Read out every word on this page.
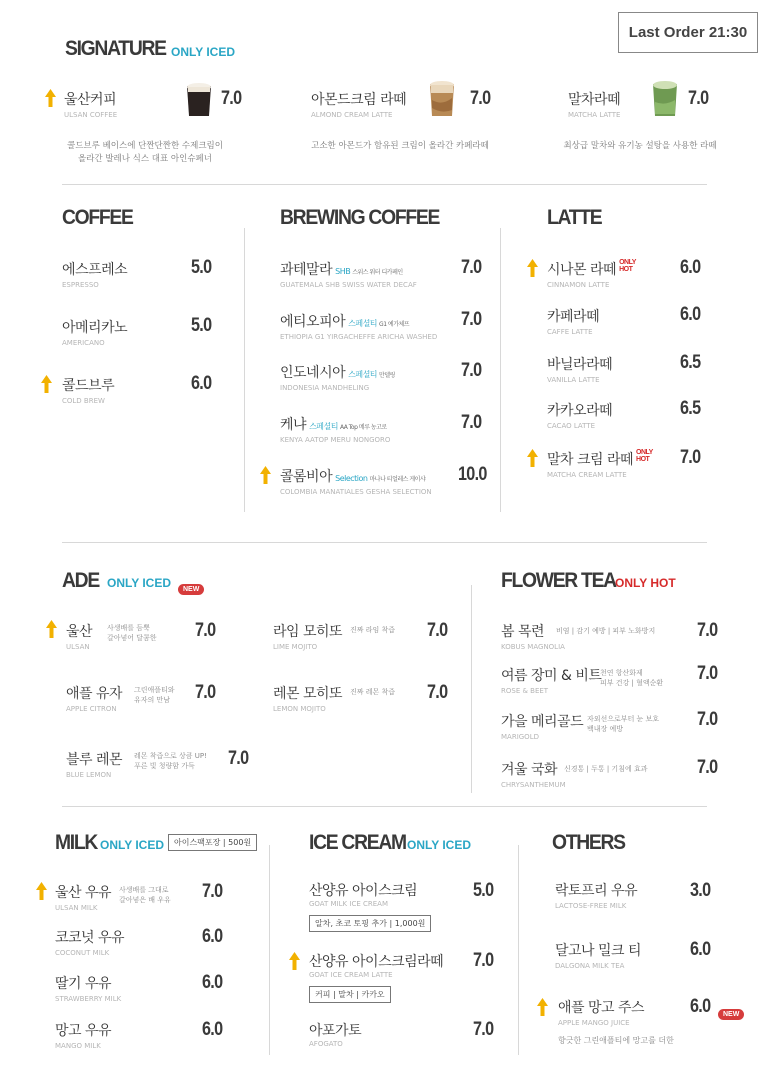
Last Order 21:30
SIGNATURE ONLY ICED
울산커피
ULSAN COFFEE
7.0
콜드브루 베이스에 단짠단짠한 수제크림이
올라간 발레나 식스 대표 아인슈페너
아몬드크림 라떼
ALMOND CREAM LATTE
7.0
고소한 아몬드가 함유된 크림이 올라간 카페라떼
말차라떼
MATCHA LATTE
7.0
최상급 말차와 유기농 설탕을 사용한 라떼
COFFEE
에스프레소
ESPRESSO
5.0
아메리카노
AMERICANO
5.0
콜드브루
COLD BREW
6.0
BREWING COFFEE
과테말라 SHB 스위스 워터 디카페인
GUATEMALA SHB SWISS WATER DECAF
7.0
에티오피아 스페셜티 G1 예가체프
ETHIOPIA G1 YIRGACHEFFE ARICHA WASHED
7.0
인도네시아 스페셜티 만델링
INDONESIA MANDHELING
7.0
케냐 스페셜티 AA Top 메루 농고로
KENYA AATOP MERU NONGORO
7.0
콜롬비아 Selection 마나나 티얼레스 게이샤
COLOMBIA MANATIALES GESHA SELECTION
10.0
LATTE
시나몬 라떼 ONLY HOT
CINNAMON LATTE
6.0
카페라떼
CAFFE LATTE
6.0
바닐라라떼
VANILLA LATTE
6.5
카카오라떼
CACAO LATTE
6.5
말차 크림 라떼 ONLY HOT
MATCHA CREAM LATTE
7.0
ADE ONLY ICED	NEW
울산
ULSAN
사생배를 듬뿍
갈아넣어 달콤한 7.0
애플 유자
APPLE CITRON
그린애플티와
유자의 만남 7.0
블루 레몬
BLUE LEMON
레몬 착즙으로 상큼 UP!
푸른 빛 청량함 가득	7.0
라임 모히또
LIME MOJITO
진짜 라임 착즙 7.0
레몬 모히또
LEMON MOJITO
진짜 레몬 착즙 7.0
FLOWER TEA ONLY HOT
봄 목련
KOBUS MAGNOLIA
비염 | 감기 예방 | 피부 노화방지 7.0
여름 장미 & 비트
ROSE & BEET
천연 항산화제
피부 건강 | 혈액순환 7.0
가을 메리골드
MARIGOLD
자외선으로부터 눈 보호
백내장 예방	7.0
겨울 국화
CHRYSANTHEMUM
신경통 | 두통 | 기침에 효과	7.0
MILK ONLY ICED	아이스팩포장 | 500원
울산 우유
ULSAN MILK
사생배를 그대로
갈아넣은 배 우유 7.0
코코넛 우유
COCONUT MILK
6.0
딸기 우유
STRAWBERRY MILK
6.0
망고 우유
MANGO MILK
6.0
ICE CREAM ONLY ICED
산양유 아이스크림
GOAT MILK ICE CREAM
알차, 초코 토핑 추가 | 1,000원
5.0
산양유 아이스크림라떼
GOAT ICE CREAM LATTE
커피 | 말차 | 카카오
7.0
아포가토
AFOGATO
7.0
OTHERS
락토프리 우유
LACTOSE-FREE MILK
3.0
달고나 밀크 티
DALGONA MILK TEA
6.0
애플 망고 주스
APPLE MANGO JUICE
6.0	NEW
향긋한 그린애플티에 망고를 더한
